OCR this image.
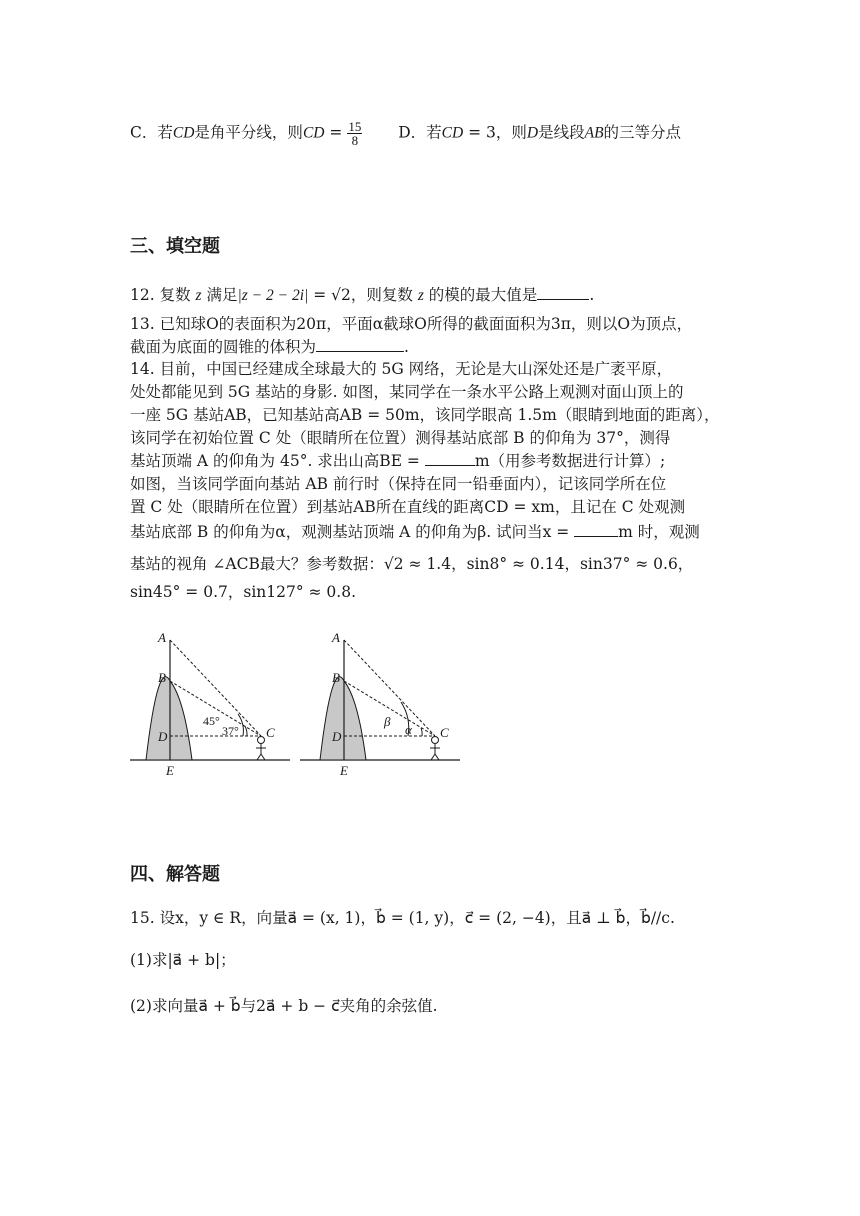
C．若CD是角平分线，则CD = $\frac{15}{8}$ D．若CD = 3，则D是线段AB的三等分点
三、填空题
12. 复数 z 满足|z − 2 − 2i| = √2，则复数 z 的模的最大值是	.
13. 已知球O的表面积为20π，平面α截球O所得的截面面积为3π，则以O为顶点，
截面为底面的圆锥的体积为	.
14. 目前，中国已经建成全球最大的 5G 网络，无论是大山深处还是广袤平原，
处处都能见到 5G 基站的身影. 如图，某同学在一条水平公路上观测对面山顶上的
一座 5G 基站AB，已知基站高AB = 50m，该同学眼高 1.5m（眼睛到地面的距离），
该同学在初始位置 C 处（眼睛所在位置）测得基站底部 B 的仰角为 37°，测得
基站顶端 A 的仰角为 45°. 求出山高BE =	m（用参考数据进行计算）;
如图，当该同学面向基站 AB 前行时（保持在同一铅垂面内），记该同学所在位
置 C 处（眼睛所在位置）到基站AB所在直线的距离CD = xm，且记在 C 处观测
基站底部 B 的仰角为α，观测基站顶端 A 的仰角为β. 试问当x =	m 时，观测
基站的视角 ∠ACB最大？参考数据：√2 ≈ 1.4，sin8° ≈ 0.14，sin37° ≈ 0.6，
sin45° = 0.7，sin127° ≈ 0.8.
A
B
C
D
E
45°
37°
A
B
C
D
E
β
α
四、解答题
15. 设x，y ∈ R，向量a⃗ = (x, 1)，b⃗ = (1, y)，c⃗ = (2, −4)，且a⃗ ⊥ b⃗，b⃗//c.
(1)求|a⃗ + b|；
(2)求向量a⃗ + b⃗与2a⃗ + b − c⃗夹角的余弦值.
